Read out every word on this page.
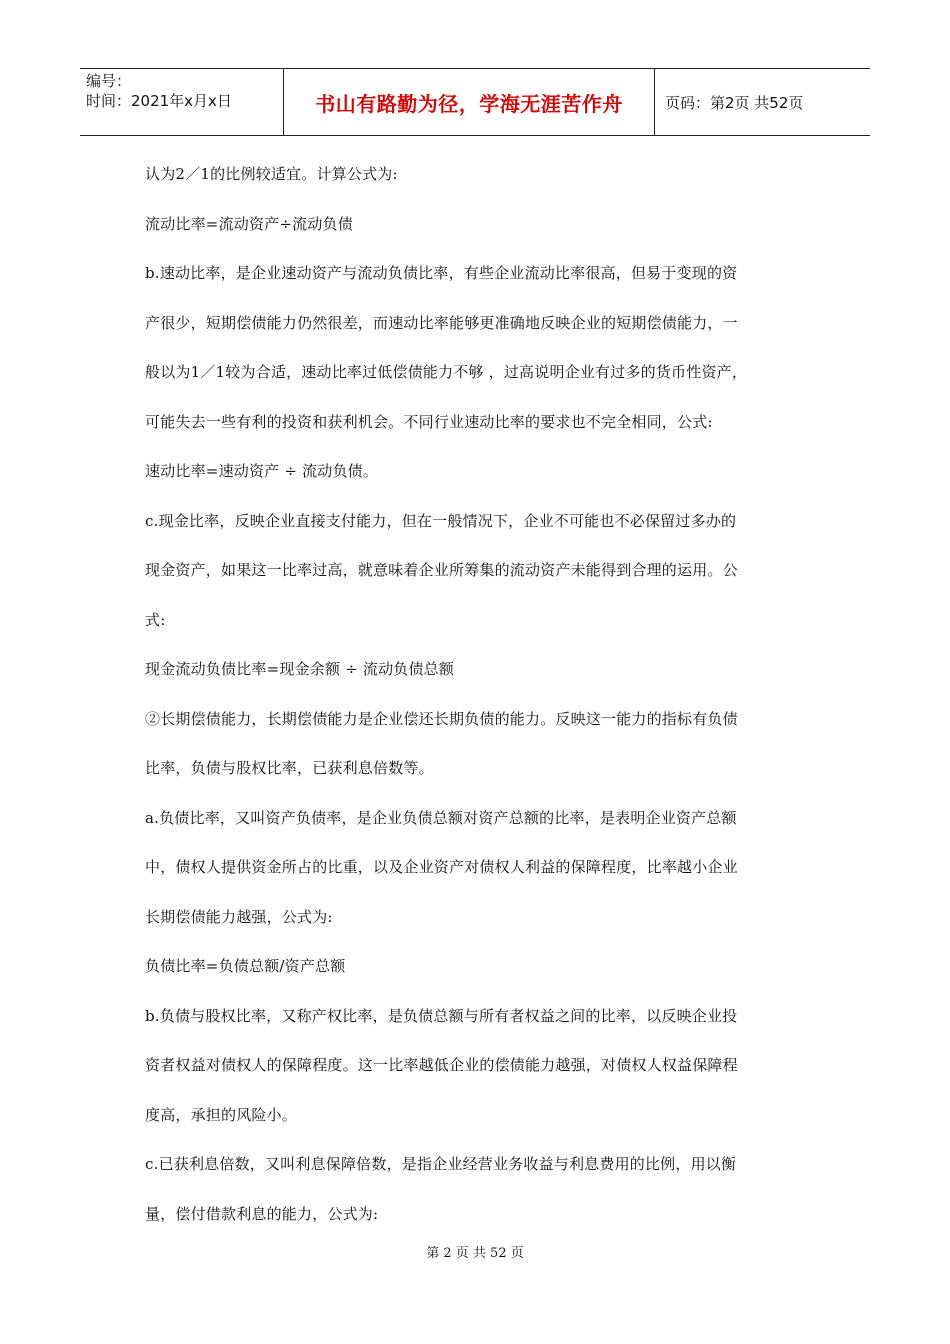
编号：
时间：2021年x月x日	书山有路勤为径，学海无涯苦作舟	页码：第2页 共52页
认为2／1的比例较适宜。计算公式为:
流动比率=流动资产÷流动负债
b.速动比率，是企业速动资产与流动负债比率，有些企业流动比率很高，但易于变现的资
产很少，短期偿债能力仍然很差，而速动比率能够更准确地反映企业的短期偿债能力，一
般以为1／1较为合适，速动比率过低偿债能力不够 ，过高说明企业有过多的货币性资产，
可能失去一些有利的投资和获利机会。不同行业速动比率的要求也不完全相同，公式:
速动比率=速动资产 ÷ 流动负债。
c.现金比率，反映企业直接支付能力，但在一般情况下，企业不可能也不必保留过多办的
现金资产，如果这一比率过高，就意味着企业所筹集的流动资产未能得到合理的运用。公
式:
现金流动负债比率=现金余额 ÷ 流动负债总额
②长期偿债能力，长期偿债能力是企业偿还长期负债的能力。反映这一能力的指标有负债
比率，负债与股权比率，已获利息倍数等。
a.负债比率，又叫资产负债率，是企业负债总额对资产总额的比率，是表明企业资产总额
中，债权人提供资金所占的比重，以及企业资产对债权人利益的保障程度，比率越小企业
长期偿债能力越强，公式为:
负债比率=负债总额/资产总额
b.负债与股权比率，又称产权比率，是负债总额与所有者权益之间的比率，以反映企业投
资者权益对债权人的保障程度。这一比率越低企业的偿债能力越强，对债权人权益保障程
度高，承担的风险小。
c.已获利息倍数，又叫利息保障倍数，是指企业经营业务收益与利息费用的比例，用以衡
量，偿付借款利息的能力，公式为:
第 2 页 共 52 页
